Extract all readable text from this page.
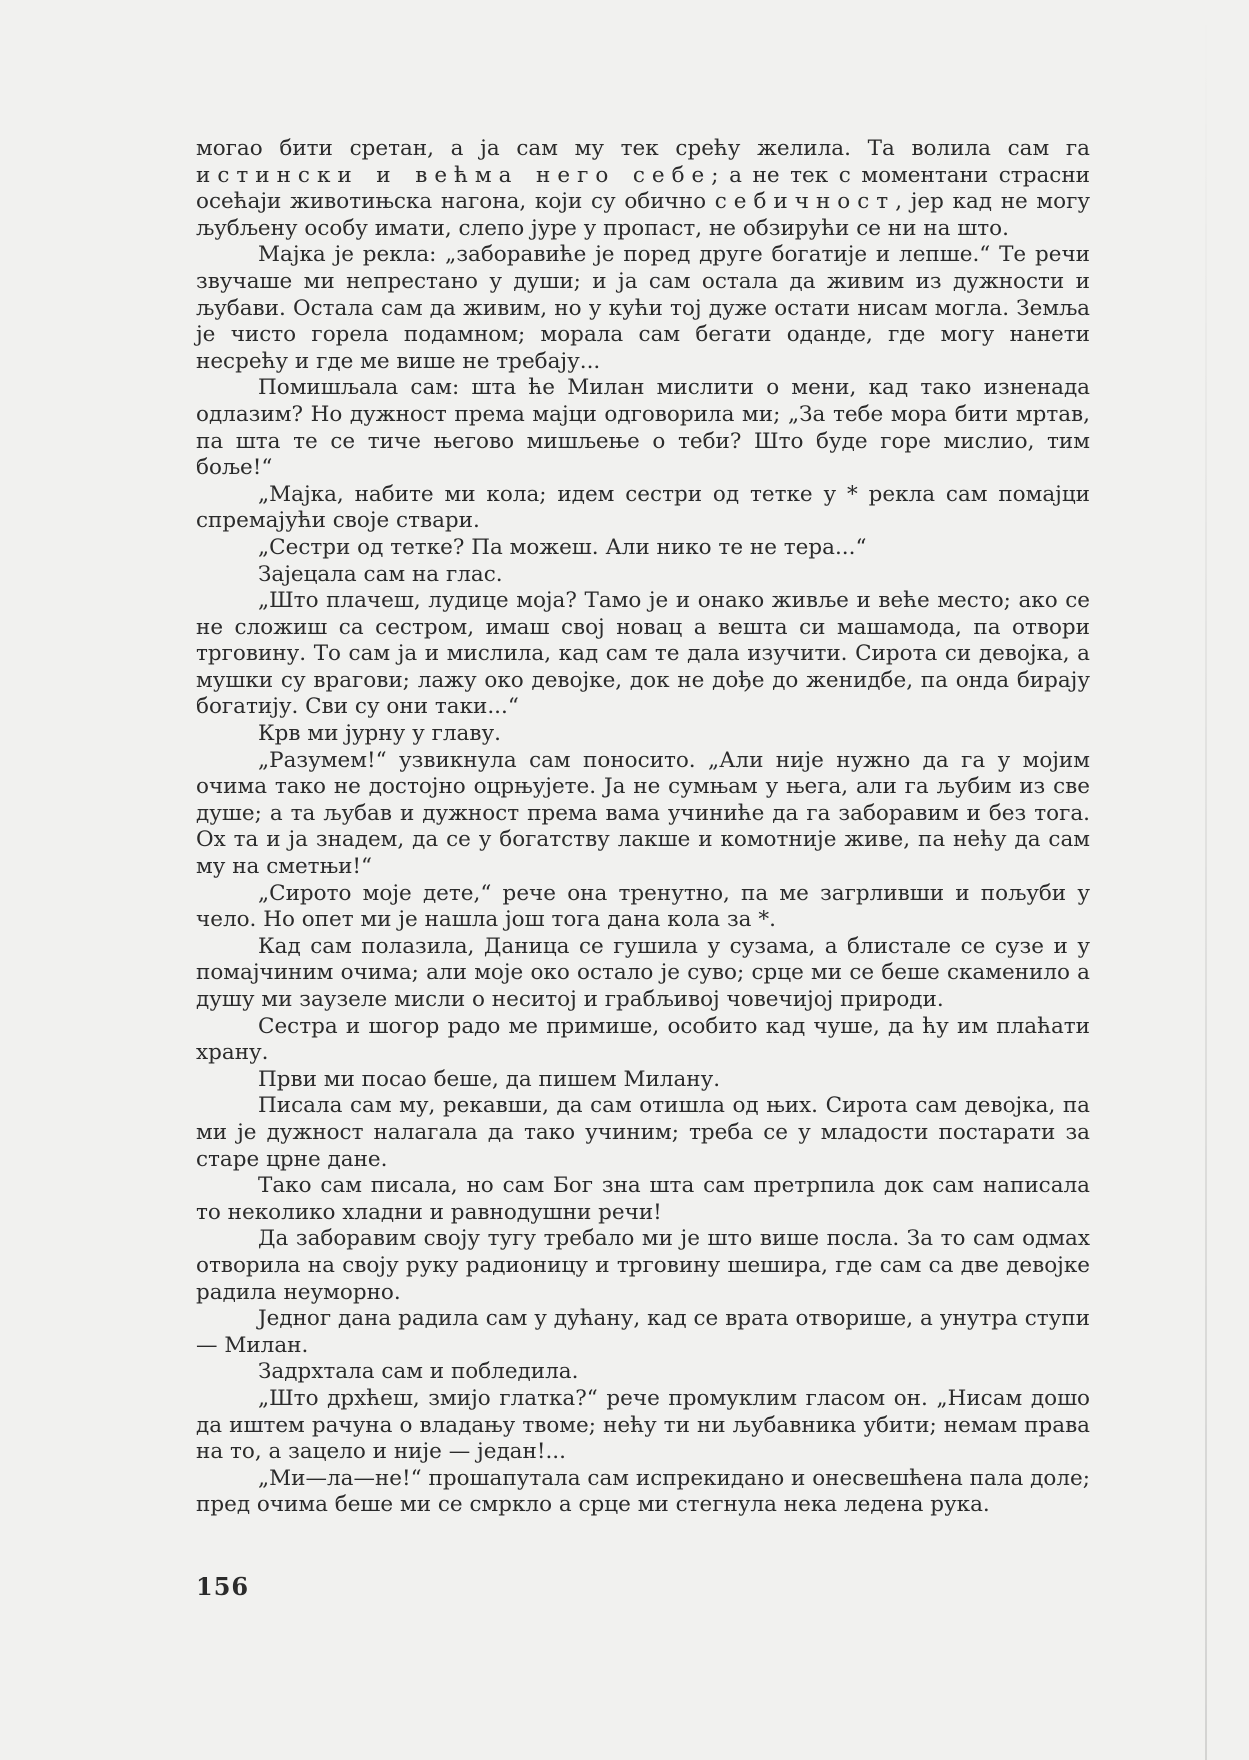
могао бити сретан, а ја сам му тек срећу желила. Та волила сам га истински и већма него себе; а не тек с моментани страсни осећаји животињска нагона, који су обично себичност, јер кад не могу љубљену особу имати, слепо јуре у пропаст, не обзирући се ни на што.

Мајка је рекла: „заборавиће је поред друге богатије и лепше.“ Те речи звучаше ми непрестано у души; и ја сам остала да живим из дужности и љубави. Остала сам да живим, но у кући тој дуже остати нисам могла. Земља је чисто горела подамном; морала сам бегати оданде, где могу нанети несрећу и где ме више не требају...

Помишљала сам: шта ће Милан мислити о мени, кад тако изненада одлазим? Но дужност према мајци одговорила ми; „За тебе мора бити мртав, па шта те се тиче његово мишљење о теби? Што буде горе мислио, тим боље!“

„Мајка, набите ми кола; идем сестри од тетке у * рекла сам помајци спремајући своје ствари.

„Сестри од тетке? Па можеш. Али нико те не тера...“

Зајецала сам на глас.

„Што плачеш, лудице моја? Тамо је и онако живље и веће место; ако се не сложиш са сестром, имаш свој новац а вешта си машамода, па отвори трговину. То сам ја и мислила, кад сам те дала изучити. Сирота си девојка, а мушки су врагови; лажу око девојке, док не дође до женидбе, па онда бирају богатију. Сви су они таки...“

Крв ми јурну у главу.

„Разумем!“ узвикнула сам поносито. „Али није нужно да га у мојим очима тако не достојно оцрњујете. Ја не сумњам у њега, али га љубим из све душе; а та љубав и дужност према вама учиниће да га заборавим и без тога. Ох та и ја знадем, да се у богатству лакше и комотније живе, па нећу да сам му на сметњи!“

„Сирото моје дете,“ рече она тренутно, па ме загрливши и пољуби у чело. Но опет ми је нашла још тога дана кола за *.

Кад сам полазила, Даница се гушила у сузама, а блистале се сузе и у помајчиним очима; али моје око остало је суво; срце ми се беше скаменило а душу ми заузеле мисли о неситој и грабљивој човечијој природи.

Сестра и шогор радо ме примише, особито кад чуше, да ћу им плаћати храну.

Први ми посао беше, да пишем Милану.

Писала сам му, рекавши, да сам отишла од њих. Сирота сам девојка, па ми је дужност налагала да тако учиним; треба се у младости постарати за старе црне дане.

Тако сам писала, но сам Бог зна шта сам претрпила док сам написала то неколико хладни и равнодушни речи!

Да заборавим своју тугу требало ми је што више посла. За то сам одмах отворила на своју руку радионицу и трговину шешира, где сам са две девојке радила неуморно.

Једног дана радила сам у дућану, кад се врата отворише, а унутра ступи — Милан.

Задрхтала сам и побледила.

„Што дрхћеш, змијо глатка?“ рече промуклим гласом он. „Нисам дошо да иштем рачуна о владању твоме; нећу ти ни љубавника убити; немам права на то, а зацело и није — један!...

„Ми—ла—не!“ прошапутала сам испрекидано и онесвешћена пала доле; пред очима беше ми се смркло а срце ми стегнула нека ледена рука.

156
